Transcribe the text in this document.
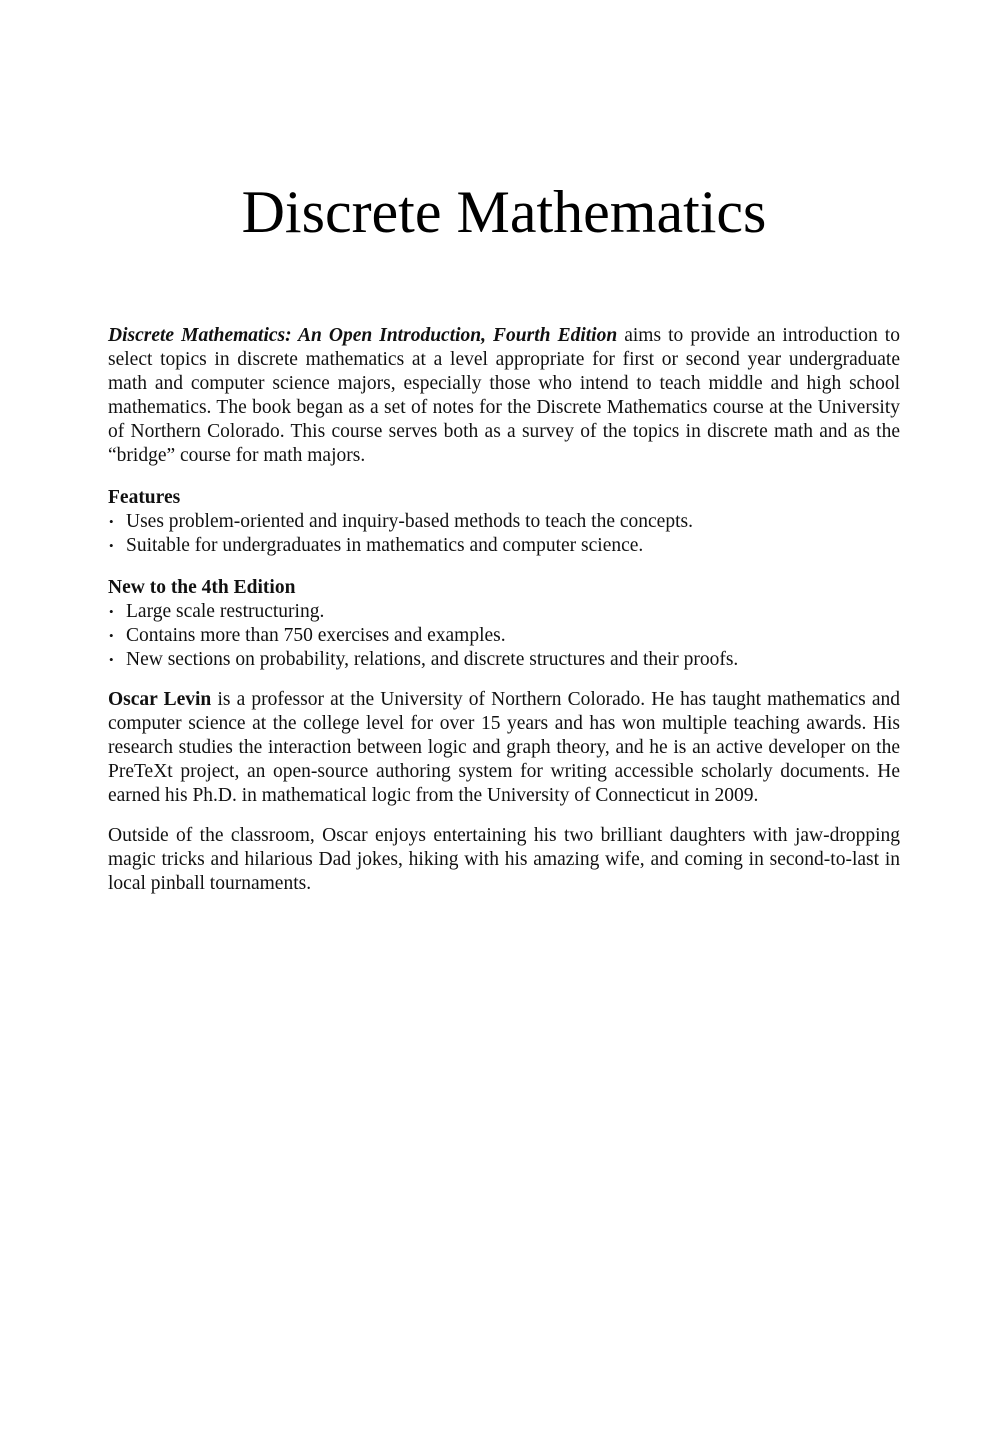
Discrete Mathematics

Discrete Mathematics: An Open Introduction, Fourth Edition aims to provide an introduction to select topics in discrete mathematics at a level appropriate for first or second year undergraduate math and computer science majors, especially those who intend to teach middle and high school mathematics. The book began as a set of notes for the Discrete Mathematics course at the University of Northern Colorado. This course serves both as a survey of the topics in discrete math and as the “bridge” course for math majors.

Features
• Uses problem-oriented and inquiry-based methods to teach the concepts.
• Suitable for undergraduates in mathematics and computer science.
New to the 4th Edition
• Large scale restructuring.
• Contains more than 750 exercises and examples.
• New sections on probability, relations, and discrete structures and their proofs.

Oscar Levin is a professor at the University of Northern Colorado. He has taught mathematics and computer science at the college level for over 15 years and has won multiple teaching awards. His research studies the interaction between logic and graph theory, and he is an active developer on the PreTeXt project, an open-source authoring system for writing accessible scholarly documents. He earned his Ph.D. in mathematical logic from the University of Connecticut in 2009.

Outside of the classroom, Oscar enjoys entertaining his two brilliant daughters with jaw-dropping magic tricks and hilarious Dad jokes, hiking with his amazing wife, and coming in second-to-last in local pinball tournaments.
